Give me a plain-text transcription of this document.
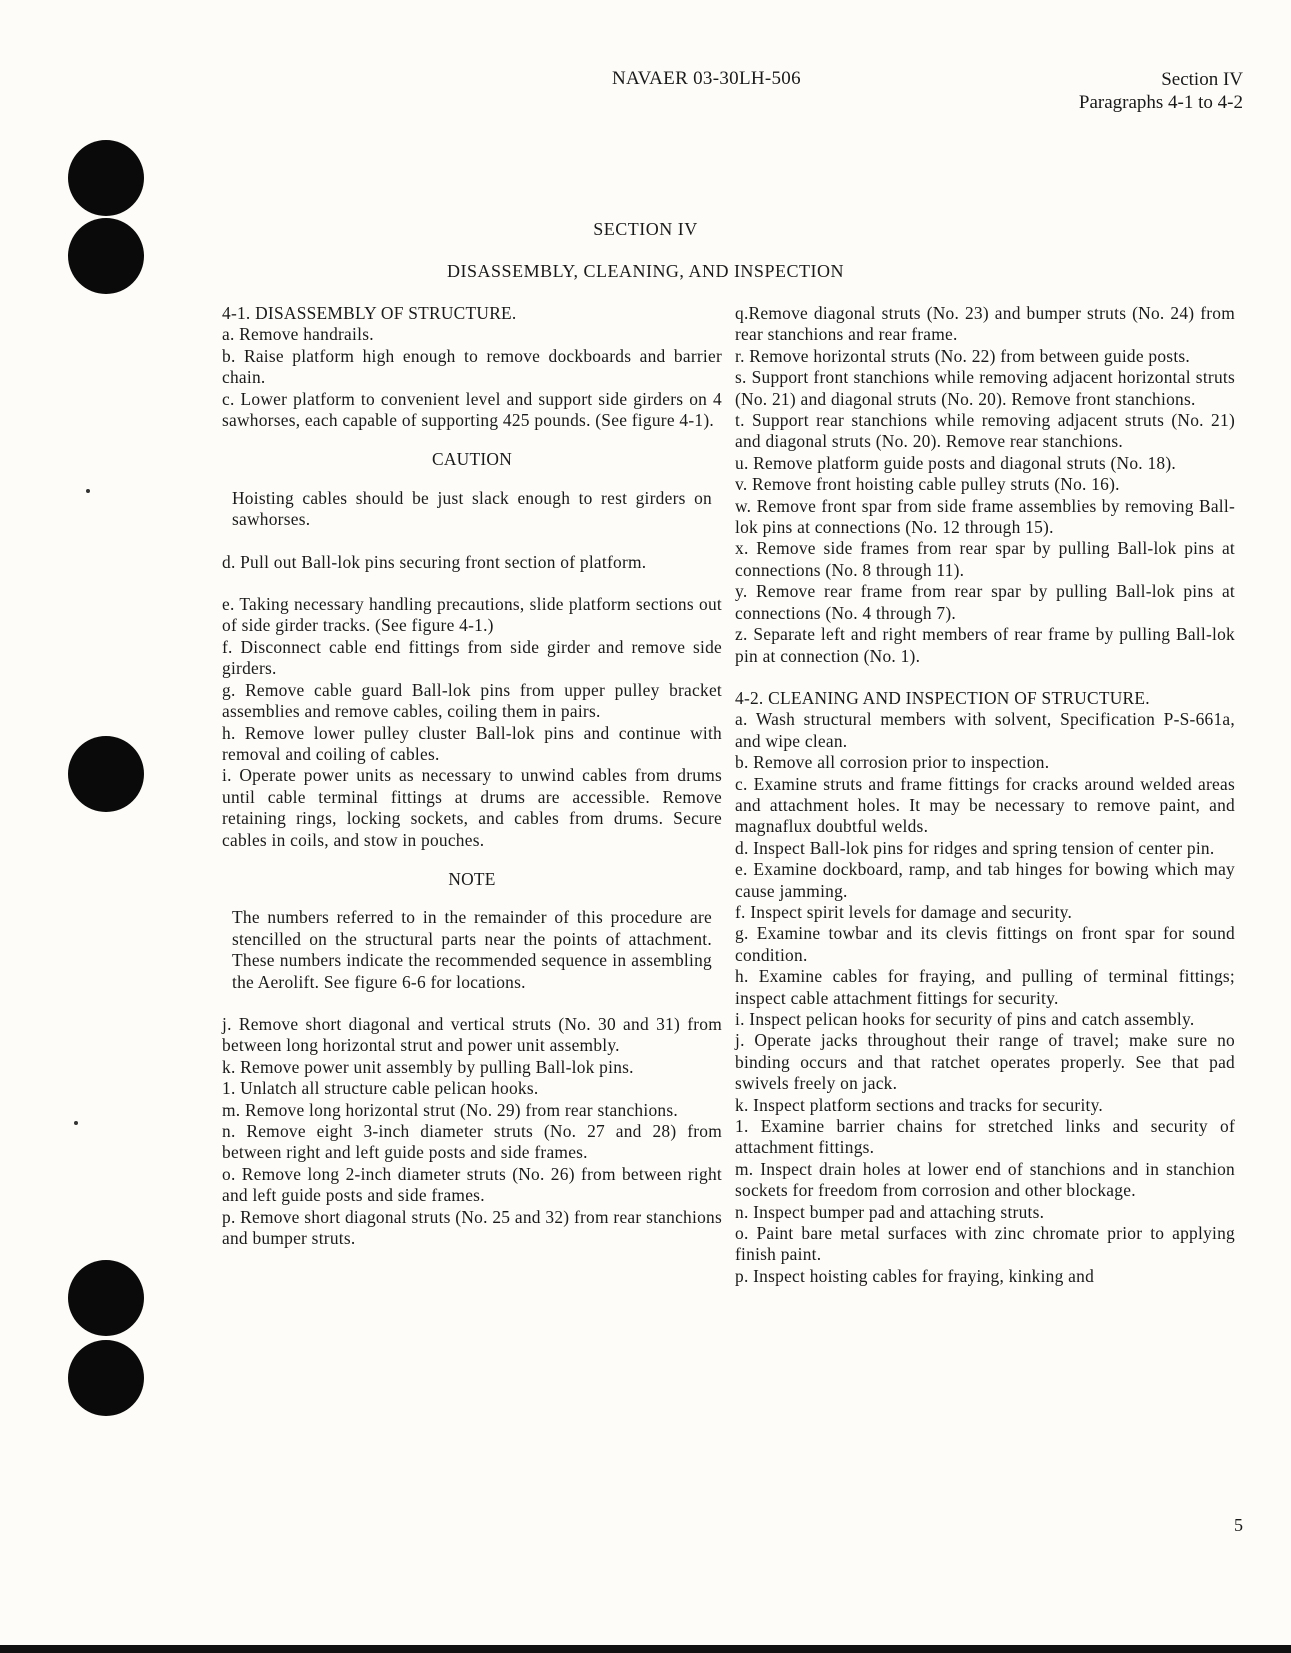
NAVAER 03-30LH-506	Section IV
Paragraphs 4-1 to 4-2
SECTION IV
DISASSEMBLY, CLEANING, AND INSPECTION

4-1. DISASSEMBLY OF STRUCTURE.

a. Remove handrails.

b. Raise platform high enough to remove dockboards and barrier chain.

c. Lower platform to convenient level and support side girders on 4 sawhorses, each capable of supporting 425 pounds. (See figure 4-1).

CAUTION

Hoisting cables should be just slack enough to rest girders on sawhorses.

d. Pull out Ball-lok pins securing front section of platform.

e. Taking necessary handling precautions, slide platform sections out of side girder tracks. (See figure 4-1.)

f. Disconnect cable end fittings from side girder and remove side girders.

g. Remove cable guard Ball-lok pins from upper pulley bracket assemblies and remove cables, coiling them in pairs.

h. Remove lower pulley cluster Ball-lok pins and continue with removal and coiling of cables.

i. Operate power units as necessary to unwind cables from drums until cable terminal fittings at drums are accessible. Remove retaining rings, locking sockets, and cables from drums. Secure cables in coils, and stow in pouches.

NOTE

The numbers referred to in the remainder of this procedure are stencilled on the structural parts near the points of attachment. These numbers indicate the recommended sequence in assembling the Aerolift. See figure 6-6 for locations.

j. Remove short diagonal and vertical struts (No. 30 and 31) from between long horizontal strut and power unit assembly.

k. Remove power unit assembly by pulling Ball-lok pins.

1. Unlatch all structure cable pelican hooks.

m. Remove long horizontal strut (No. 29) from rear stanchions.

n. Remove eight 3-inch diameter struts (No. 27 and 28) from between right and left guide posts and side frames.

o. Remove long 2-inch diameter struts (No. 26) from between right and left guide posts and side frames.

p. Remove short diagonal struts (No. 25 and 32) from rear stanchions and bumper struts.

q.Remove diagonal struts (No. 23) and bumper struts (No. 24) from rear stanchions and rear frame.

r. Remove horizontal struts (No. 22) from between guide posts.

s. Support front stanchions while removing adjacent horizontal struts (No. 21) and diagonal struts (No. 20). Remove front stanchions.

t. Support rear stanchions while removing adjacent struts (No. 21) and diagonal struts (No. 20). Remove rear stanchions.

u. Remove platform guide posts and diagonal struts (No. 18).

v. Remove front hoisting cable pulley struts (No. 16).

w. Remove front spar from side frame assemblies by removing Ball-lok pins at connections (No. 12 through 15).

x. Remove side frames from rear spar by pulling Ball-lok pins at connections (No. 8 through 11).

y. Remove rear frame from rear spar by pulling Ball-lok pins at connections (No. 4 through 7).

z. Separate left and right members of rear frame by pulling Ball-lok pin at connection (No. 1).

4-2. CLEANING AND INSPECTION OF STRUCTURE.

a. Wash structural members with solvent, Specification P-S-661a, and wipe clean.

b. Remove all corrosion prior to inspection.

c. Examine struts and frame fittings for cracks around welded areas and attachment holes. It may be necessary to remove paint, and magnaflux doubtful welds.

d. Inspect Ball-lok pins for ridges and spring tension of center pin.

e. Examine dockboard, ramp, and tab hinges for bowing which may cause jamming.

f. Inspect spirit levels for damage and security.

g. Examine towbar and its clevis fittings on front spar for sound condition.

h. Examine cables for fraying, and pulling of terminal fittings; inspect cable attachment fittings for security.

i. Inspect pelican hooks for security of pins and catch assembly.

j. Operate jacks throughout their range of travel; make sure no binding occurs and that ratchet operates properly. See that pad swivels freely on jack.

k. Inspect platform sections and tracks for security.

1. Examine barrier chains for stretched links and security of attachment fittings.

m. Inspect drain holes at lower end of stanchions and in stanchion sockets for freedom from corrosion and other blockage.

n. Inspect bumper pad and attaching struts.

o. Paint bare metal surfaces with zinc chromate prior to applying finish paint.

p. Inspect hoisting cables for fraying, kinking and

5
